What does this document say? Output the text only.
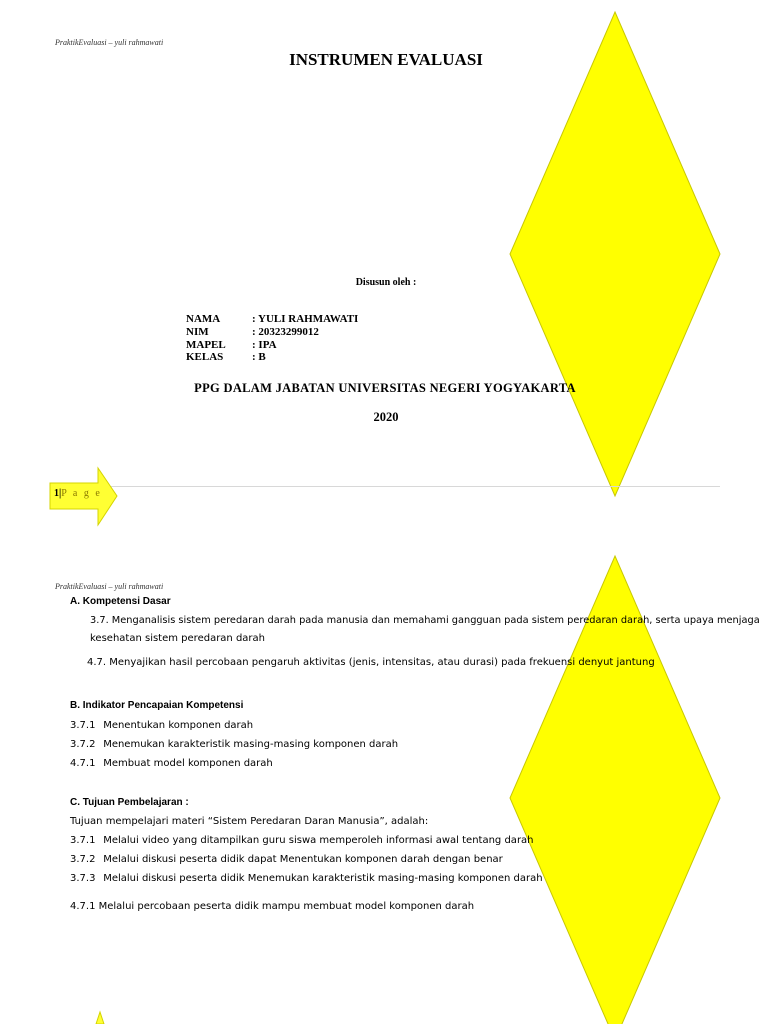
PraktikEvaluasi – yuli rahmawati
INSTRUMEN EVALUASI
Disusun oleh :
NAMA	: YULI RAHMAWATI
NIM	: 20323299012
MAPEL : IPA
KELAS	: B
PPG DALAM JABATAN UNIVERSITAS NEGERI YOGYAKARTA
2020
1|P a g e
PraktikEvaluasi – yuli rahmawati
A. Kompetensi Dasar
3.7. Menganalisis sistem peredaran darah pada manusia dan memahami gangguan pada sistem peredaran darah, serta upaya menjaga
kesehatan sistem peredaran darah
4.7. Menyajikan hasil percobaan pengaruh aktivitas (jenis, intensitas, atau durasi) pada frekuensi denyut jantung
B. Indikator Pencapaian Kompetensi
3.7.1 Menentukan komponen darah
3.7.2 Menemukan karakteristik masing-masing komponen darah
4.7.1 Membuat model komponen darah
C. Tujuan Pembelajaran :
Tujuan mempelajari materi “Sistem Peredaran Daran Manusia”, adalah:
3.7.1 Melalui video yang ditampilkan guru siswa memperoleh informasi awal tentang darah
3.7.2 Melalui diskusi peserta didik dapat Menentukan komponen darah dengan benar
3.7.3 Melalui diskusi peserta didik Menemukan karakteristik masing-masing komponen darah
4.7.1 Melalui percobaan peserta didik mampu membuat model komponen darah
